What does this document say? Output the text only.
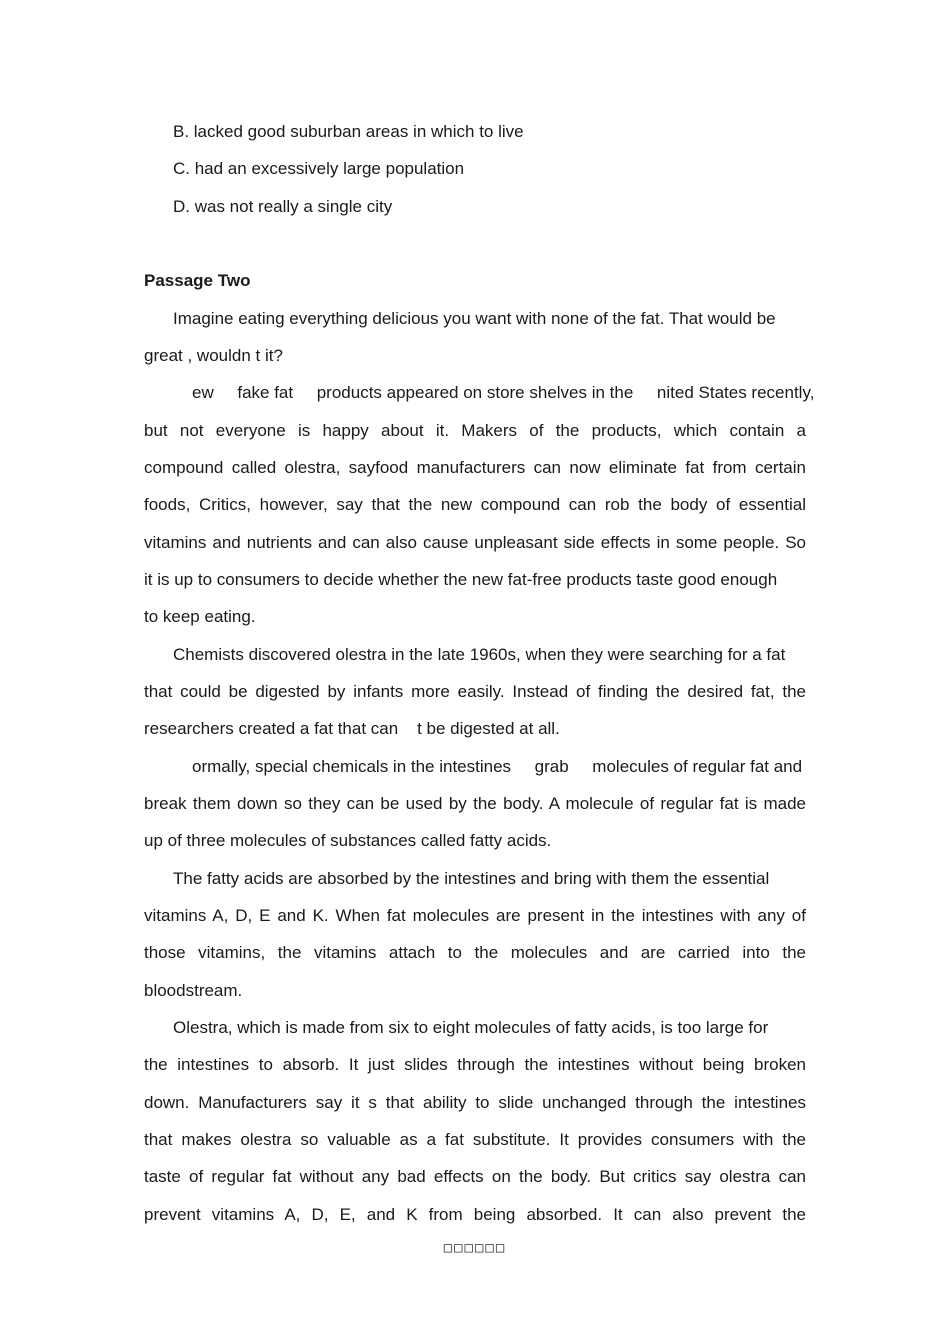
B. lacked good suburban areas in which to live
C. had an excessively large population
D. was not really a single city
Passage Two
Imagine eating everything delicious you want with none of the fat. That would be
great , wouldn t it?
ew     fake fat     products appeared on store shelves in the     nited States recently,
but not everyone is happy about it. Makers of the products, which contain a
compound called olestra, sayfood manufacturers can now eliminate fat from certain
foods, Critics, however, say that the new compound can rob the body of essential
vitamins and nutrients and can also cause unpleasant side effects in some people. So
it is up to consumers to decide whether the new fat-free products taste good enough
to keep eating.
Chemists discovered olestra in the late 1960s, when they were searching for a fat
that could be digested by infants more easily. Instead of finding the desired fat, the
researchers created a fat that can    t be digested at all.
ormally, special chemicals in the intestines     grab     molecules of regular fat and
break them down so they can be used by the body. A molecule of regular fat is made
up of three molecules of substances called fatty acids.
The fatty acids are absorbed by the intestines and bring with them the essential
vitamins A, D, E and K. When fat molecules are present in the intestines with any of
those vitamins, the vitamins attach to the molecules and are carried into the
bloodstream.
Olestra, which is made from six to eight molecules of fatty acids, is too large for
the intestines to absorb. It just slides through the intestines without being broken
down. Manufacturers say it s that ability to slide unchanged through the intestines
that makes olestra so valuable as a fat substitute. It provides consumers with the
taste of regular fat without any bad effects on the body. But critics say olestra can
prevent vitamins A, D, E, and K from being absorbed. It can also prevent the
□□□□□□
